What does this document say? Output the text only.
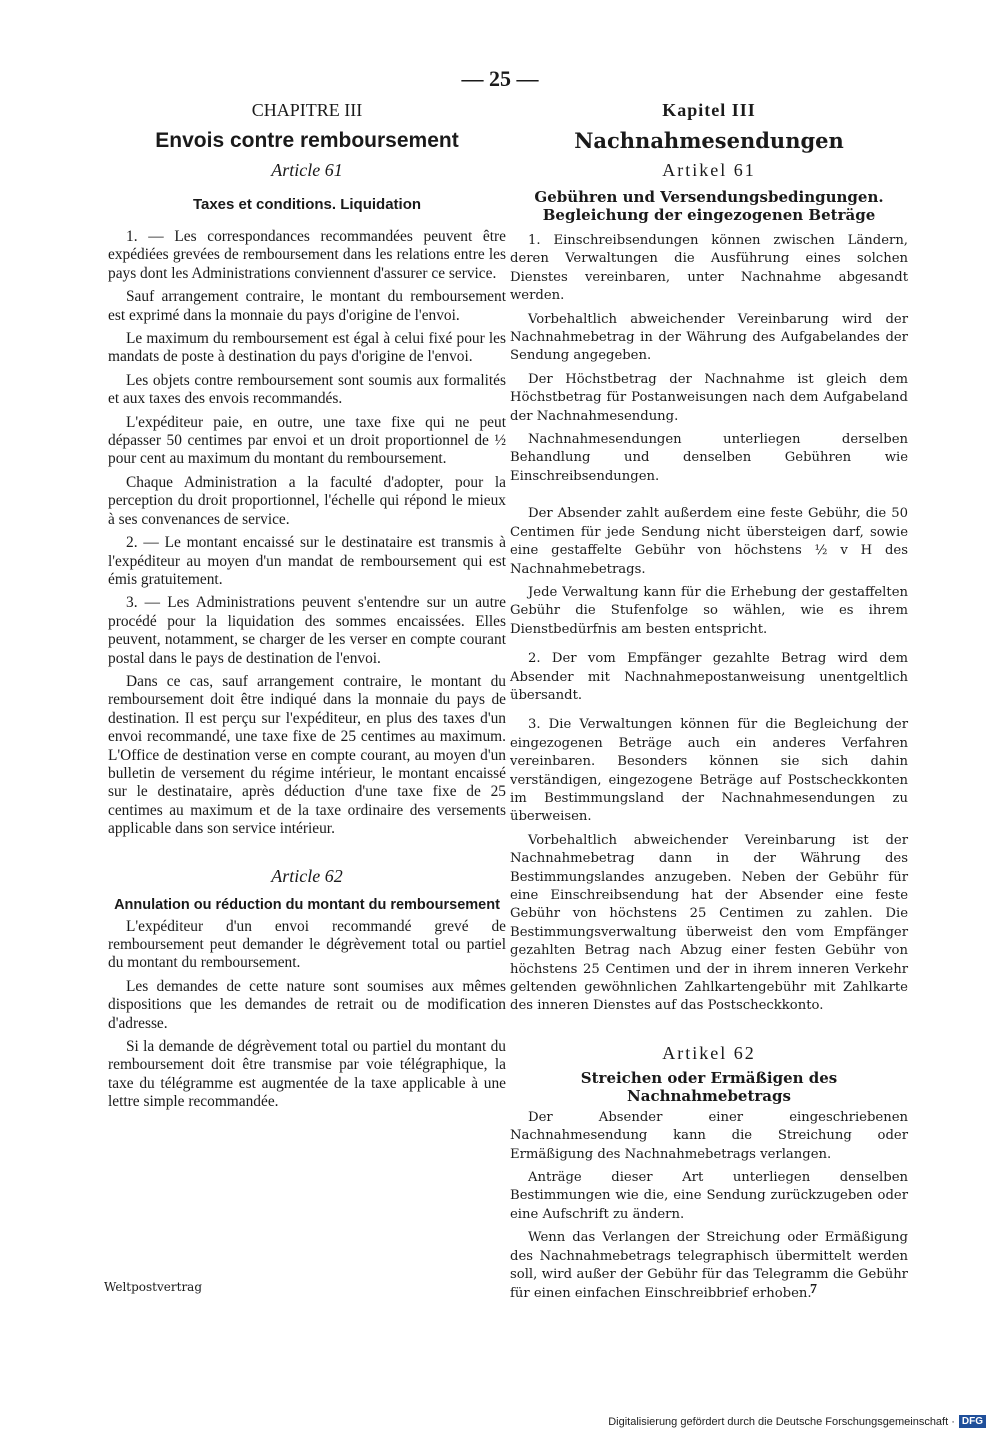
— 25 —
CHAPITRE III
Envois contre remboursement
Article 61
Taxes et conditions. Liquidation

1. — Les correspondances recommandées peuvent être expédiées grevées de remboursement dans les relations entre les pays dont les Administrations conviennent d'assurer ce service.

Sauf arrangement contraire, le montant du remboursement est exprimé dans la monnaie du pays d'origine de l'envoi.

Le maximum du remboursement est égal à celui fixé pour les mandats de poste à destination du pays d'origine de l'envoi.

Les objets contre remboursement sont soumis aux formalités et aux taxes des envois recommandés.

L'expéditeur paie, en outre, une taxe fixe qui ne peut dépasser 50 centimes par envoi et un droit proportionnel de ½ pour cent au maximum du montant du remboursement.

Chaque Administration a la faculté d'adopter, pour la perception du droit proportionnel, l'échelle qui répond le mieux à ses convenances de service.

2. — Le montant encaissé sur le destinataire est transmis à l'expéditeur au moyen d'un mandat de remboursement qui est émis gratuitement.

3. — Les Administrations peuvent s'entendre sur un autre procédé pour la liquidation des sommes encaissées. Elles peuvent, notamment, se charger de les verser en compte courant postal dans le pays de destination de l'envoi.

Dans ce cas, sauf arrangement contraire, le montant du remboursement doit être indiqué dans la monnaie du pays de destination. Il est perçu sur l'expéditeur, en plus des taxes d'un envoi recommandé, une taxe fixe de 25 centimes au maximum. L'Office de destination verse en compte courant, au moyen d'un bulletin de versement du régime intérieur, le montant encaissé sur le destinataire, après déduction d'une taxe fixe de 25 centimes au maximum et de la taxe ordinaire des versements applicable dans son service intérieur.

Article 62
Annulation ou réduction du montant du remboursement

L'expéditeur d'un envoi recommandé grevé de remboursement peut demander le dégrèvement total ou partiel du montant du remboursement.

Les demandes de cette nature sont soumises aux mêmes dispositions que les demandes de retrait ou de modification d'adresse.

Si la demande de dégrèvement total ou partiel du montant du remboursement doit être transmise par voie télégraphique, la taxe du télégramme est augmentée de la taxe applicable à une lettre simple recommandée.

Kapitel III
Nachnahmesendungen
Artikel 61
Gebühren und Versendungsbedingungen. Begleichung der eingezogenen Beträge

1. Einschreibsendungen können zwischen Ländern, deren Verwaltungen die Ausführung eines solchen Dienstes vereinbaren, unter Nachnahme abgesandt werden.

Vorbehaltlich abweichender Vereinbarung wird der Nachnahmebetrag in der Währung des Aufgabelandes der Sendung angegeben.

Der Höchstbetrag der Nachnahme ist gleich dem Höchstbetrag für Postanweisungen nach dem Aufgabeland der Nachnahmesendung.

Nachnahmesendungen unterliegen derselben Behandlung und denselben Gebühren wie Einschreibsendungen.

Der Absender zahlt außerdem eine feste Gebühr, die 50 Centimen für jede Sendung nicht übersteigen darf, sowie eine gestaffelte Gebühr von höchstens ½ v H des Nachnahmebetrags.

Jede Verwaltung kann für die Erhebung der gestaffelten Gebühr die Stufenfolge so wählen, wie es ihrem Dienstbedürfnis am besten entspricht.

2. Der vom Empfänger gezahlte Betrag wird dem Absender mit Nachnahmepostanweisung unentgeltlich übersandt.

3. Die Verwaltungen können für die Begleichung der eingezogenen Beträge auch ein anderes Verfahren vereinbaren. Besonders können sie sich dahin verständigen, eingezogene Beträge auf Postscheckkonten im Bestimmungsland der Nachnahmesendungen zu überweisen.

Vorbehaltlich abweichender Vereinbarung ist der Nachnahmebetrag dann in der Währung des Bestimmungslandes anzugeben. Neben der Gebühr für eine Einschreibsendung hat der Absender eine feste Gebühr von höchstens 25 Centimen zu zahlen. Die Bestimmungsverwaltung überweist den vom Empfänger gezahlten Betrag nach Abzug einer festen Gebühr von höchstens 25 Centimen und der in ihrem inneren Verkehr geltenden gewöhnlichen Zahlkartengebühr mit Zahlkarte des inneren Dienstes auf das Postscheckkonto.

Artikel 62
Streichen oder Ermäßigen des Nachnahmebetrags

Der Absender einer eingeschriebenen Nachnahmesendung kann die Streichung oder Ermäßigung des Nachnahmebetrags verlangen.

Anträge dieser Art unterliegen denselben Bestimmungen wie die, eine Sendung zurückzugeben oder eine Aufschrift zu ändern.

Wenn das Verlangen der Streichung oder Ermäßigung des Nachnahmebetrags telegraphisch übermittelt werden soll, wird außer der Gebühr für das Telegramm die Gebühr für einen einfachen Einschreibbrief erhoben.

Weltpostvertrag	7
Digitalisierung gefördert durch die Deutsche Forschungsgemeinschaft · DFG
